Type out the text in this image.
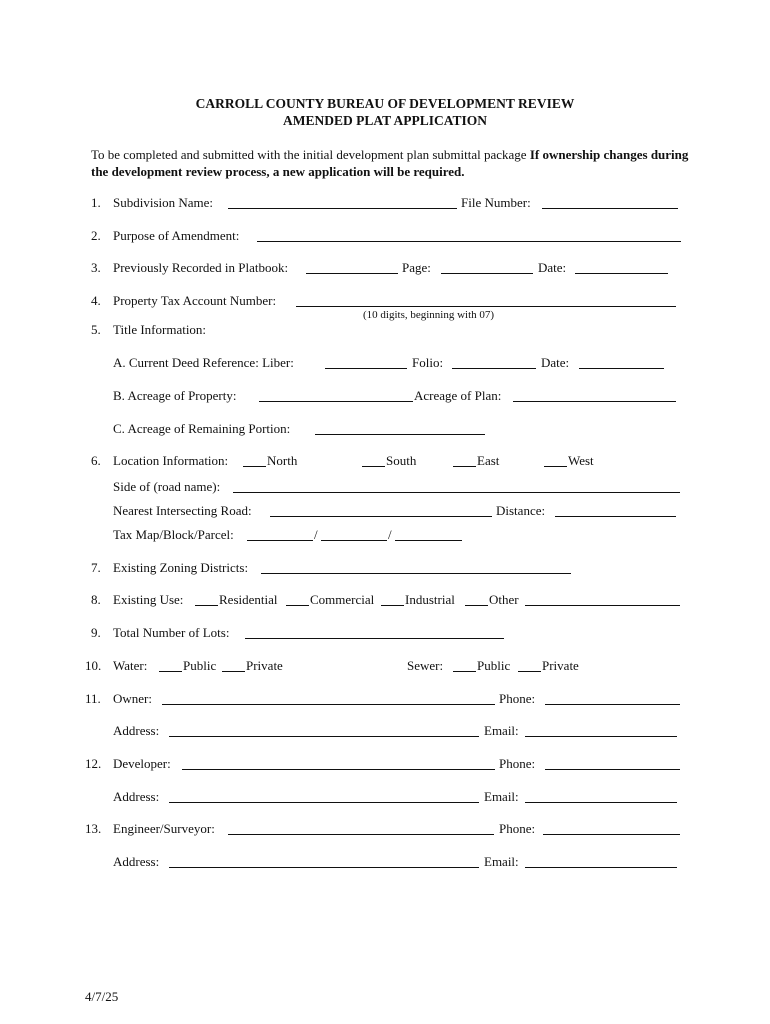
CARROLL COUNTY BUREAU OF DEVELOPMENT REVIEW
AMENDED PLAT APPLICATION
To be completed and submitted with the initial development plan submittal package If ownership changes during the development review process, a new application will be required.
1. Subdivision Name:	File Number:
2. Purpose of Amendment:
3. Previously Recorded in Platbook:	Page:	Date:
4. Property Tax Account Number:
(10 digits, beginning with 07)
5. Title Information:
A. Current Deed Reference: Liber:	Folio:	Date:
B. Acreage of Property:	Acreage of Plan:
C. Acreage of Remaining Portion:
6. Location Information:	North	South	East	West
Side of (road name):
Nearest Intersecting Road:	Distance:
Tax Map/Block/Parcel:	/	/
7. Existing Zoning Districts:
8. Existing Use:	Residential	Commercial Industrial	Other
9. Total Number of Lots:
10. Water:	Public Private	Sewer:	Public Private
11. Owner:	Phone:
Address:	Email:
12. Developer:	Phone:
Address:	Email:
13. Engineer/Surveyor:	Phone:
Address:	Email:
4/7/25
